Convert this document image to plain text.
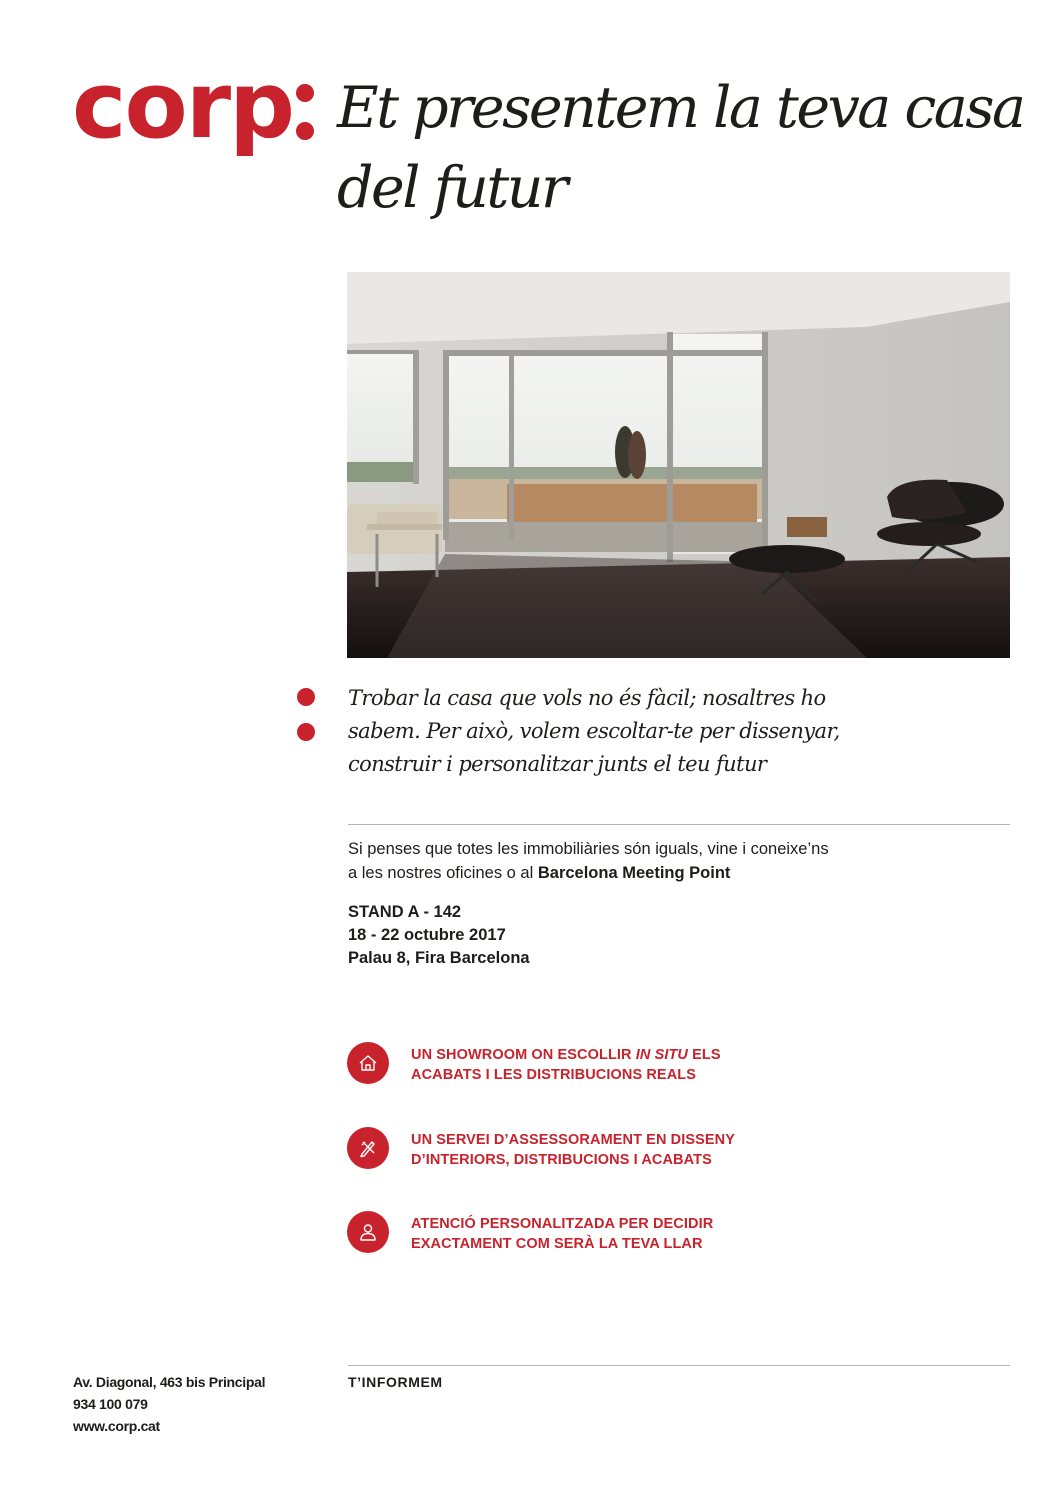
corp Et presentem la teva casa
del futur

Trobar la casa que vols no és fàcil; nosaltres ho
sabem. Per això, volem escoltar-te per dissenyar,
construir i personalitzar junts el teu futur

Si penses que totes les immobiliàries són iguals, vine i coneixe’ns
a les nostres oficines o al Barcelona Meeting Point

STAND A - 142
18 - 22 octubre 2017
Palau 8, Fira Barcelona
UN SHOWROOM ON ESCOLLIR IN SITU ELS
ACABATS I LES DISTRIBUCIONS REALS
UN SERVEI D’ASSESSORAMENT EN DISSENY
D’INTERIORS, DISTRIBUCIONS I ACABATS
ATENCIÓ PERSONALITZADA PER DECIDIR
EXACTAMENT COM SERÀ LA TEVA LLAR
Av. Diagonal, 463 bis Principal
934 100 079
www.corp.cat
T’INFORMEM
